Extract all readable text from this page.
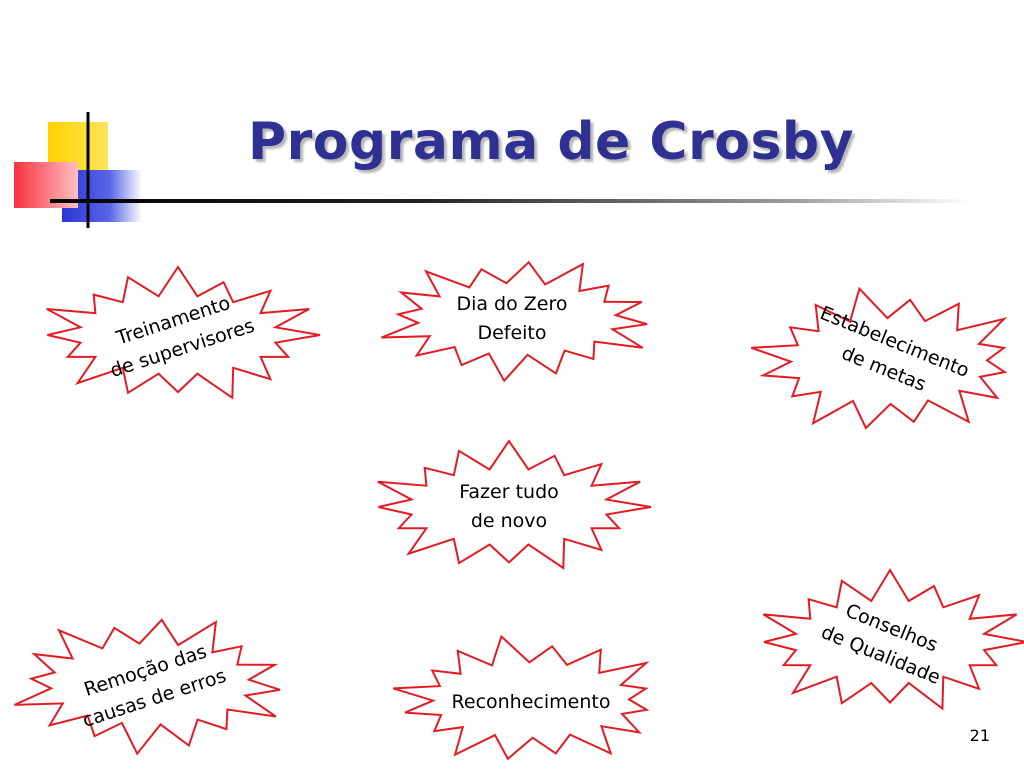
Programa de Crosby
Treinamento
de supervisores
Dia do Zero
Defeito	Estabelecimento
de metas
Fazer tudo
de novo
Remoção das
causas de erros	Reconhecimento
Conselhos
de Qualidade
21
